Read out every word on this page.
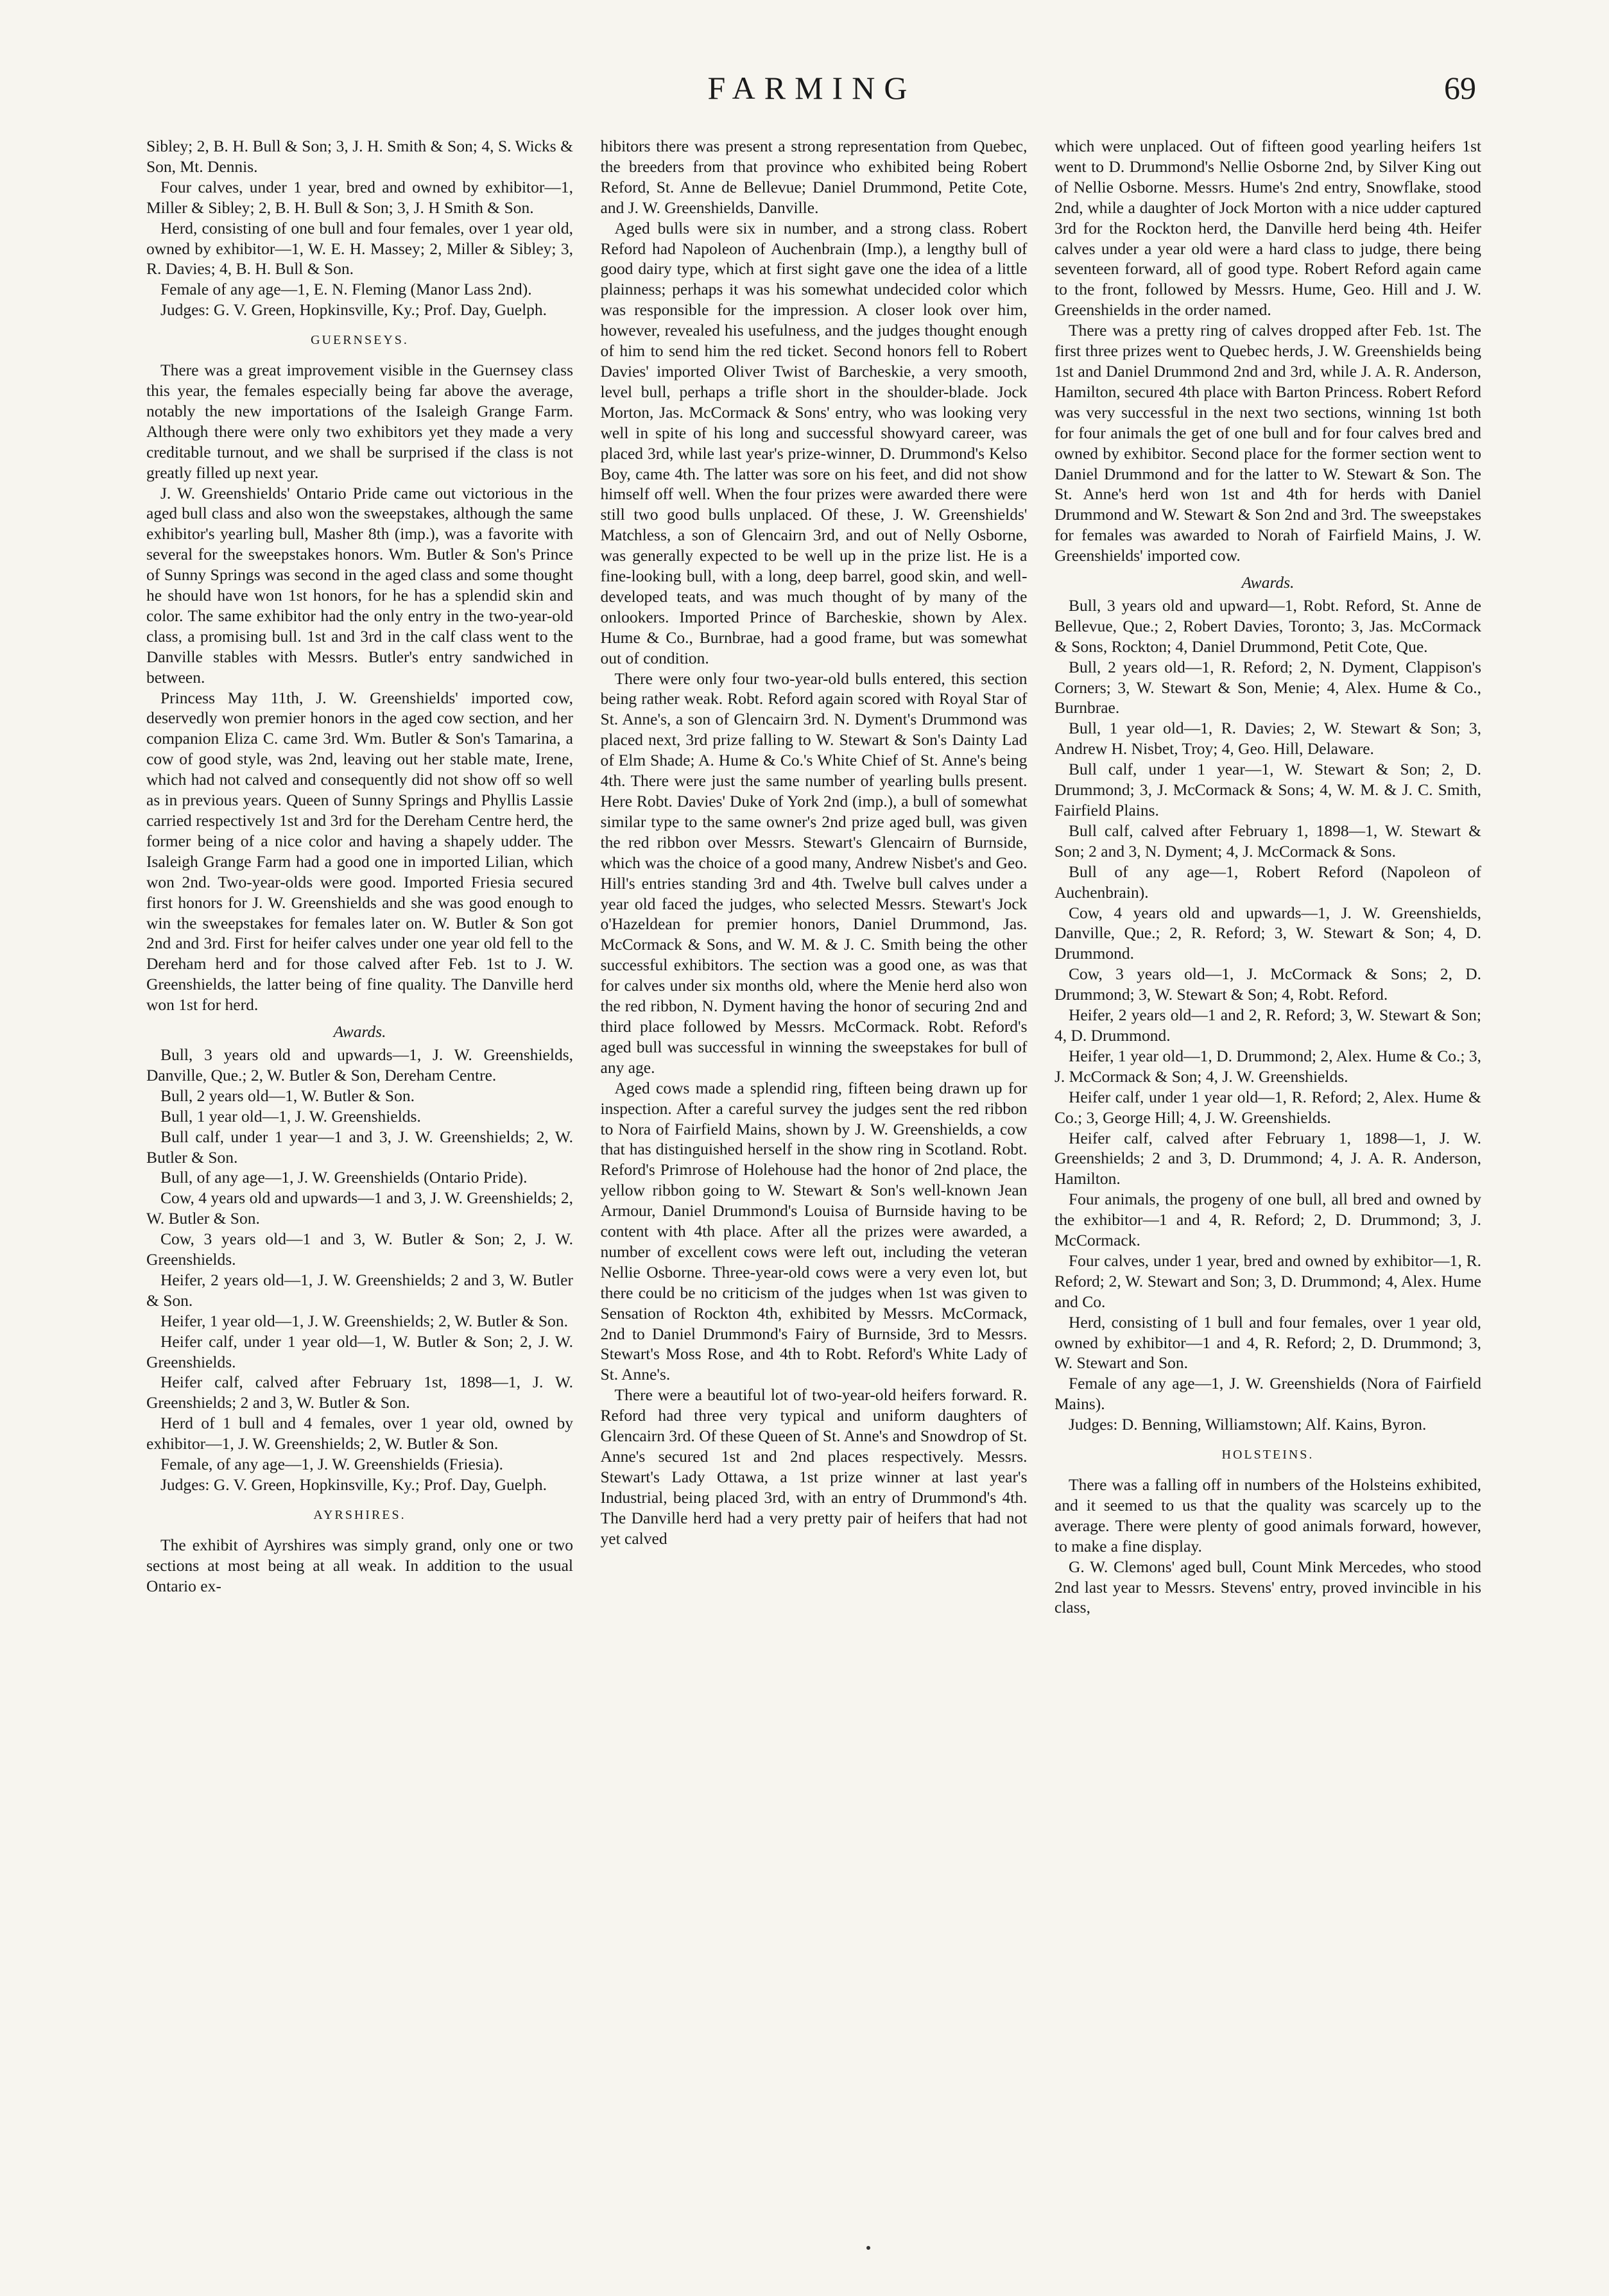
FARMING	69

Sibley; 2, B. H. Bull & Son; 3, J. H. Smith & Son; 4, S. Wicks & Son, Mt. Dennis.

Four calves, under 1 year, bred and owned by exhibitor—1, Miller & Sibley; 2, B. H. Bull & Son; 3, J. H Smith & Son.

Herd, consisting of one bull and four females, over 1 year old, owned by exhibitor—1, W. E. H. Massey; 2, Miller & Sibley; 3, R. Davies; 4, B. H. Bull & Son.

Female of any age—1, E. N. Fleming (Manor Lass 2nd).

Judges: G. V. Green, Hopkinsville, Ky.; Prof. Day, Guelph.

GUERNSEYS.

There was a great improvement visible in the Guernsey class this year, the females especially being far above the average, notably the new importations of the Isaleigh Grange Farm. Although there were only two exhibitors yet they made a very creditable turnout, and we shall be surprised if the class is not greatly filled up next year.

J. W. Greenshields' Ontario Pride came out victorious in the aged bull class and also won the sweepstakes, although the same exhibitor's yearling bull, Masher 8th (imp.), was a favorite with several for the sweepstakes honors. Wm. Butler & Son's Prince of Sunny Springs was second in the aged class and some thought he should have won 1st honors, for he has a splendid skin and color. The same exhibitor had the only entry in the two-year-old class, a promising bull. 1st and 3rd in the calf class went to the Danville stables with Messrs. Butler's entry sandwiched in between.

Princess May 11th, J. W. Greenshields' imported cow, deservedly won premier honors in the aged cow section, and her companion Eliza C. came 3rd. Wm. Butler & Son's Tamarina, a cow of good style, was 2nd, leaving out her stable mate, Irene, which had not calved and consequently did not show off so well as in previous years. Queen of Sunny Springs and Phyllis Lassie carried respectively 1st and 3rd for the Dereham Centre herd, the former being of a nice color and having a shapely udder. The Isaleigh Grange Farm had a good one in imported Lilian, which won 2nd. Two-year-olds were good. Imported Friesia secured first honors for J. W. Greenshields and she was good enough to win the sweepstakes for females later on. W. Butler & Son got 2nd and 3rd. First for heifer calves under one year old fell to the Dereham herd and for those calved after Feb. 1st to J. W. Greenshields, the latter being of fine quality. The Danville herd won 1st for herd.

Awards.

Bull, 3 years old and upwards—1, J. W. Greenshields, Danville, Que.; 2, W. Butler & Son, Dereham Centre.

Bull, 2 years old—1, W. Butler & Son.

Bull, 1 year old—1, J. W. Greenshields.

Bull calf, under 1 year—1 and 3, J. W. Greenshields; 2, W. Butler & Son.

Bull, of any age—1, J. W. Greenshields (Ontario Pride).

Cow, 4 years old and upwards—1 and 3, J. W. Greenshields; 2, W. Butler & Son.

Cow, 3 years old—1 and 3, W. Butler & Son; 2, J. W. Greenshields.

Heifer, 2 years old—1, J. W. Greenshields; 2 and 3, W. Butler & Son.

Heifer, 1 year old—1, J. W. Greenshields; 2, W. Butler & Son.

Heifer calf, under 1 year old—1, W. Butler & Son; 2, J. W. Greenshields.

Heifer calf, calved after February 1st, 1898—1, J. W. Greenshields; 2 and 3, W. Butler & Son.

Herd of 1 bull and 4 females, over 1 year old, owned by exhibitor—1, J. W. Greenshields; 2, W. Butler & Son.

Female, of any age—1, J. W. Greenshields (Friesia).

Judges: G. V. Green, Hopkinsville, Ky.; Prof. Day, Guelph.

AYRSHIRES.

The exhibit of Ayrshires was simply grand, only one or two sections at most being at all weak. In addition to the usual Ontario ex-

hibitors there was present a strong representation from Quebec, the breeders from that province who exhibited being Robert Reford, St. Anne de Bellevue; Daniel Drummond, Petite Cote, and J. W. Greenshields, Danville.

Aged bulls were six in number, and a strong class. Robert Reford had Napoleon of Auchenbrain (Imp.), a lengthy bull of good dairy type, which at first sight gave one the idea of a little plainness; perhaps it was his somewhat undecided color which was responsible for the impression. A closer look over him, however, revealed his usefulness, and the judges thought enough of him to send him the red ticket. Second honors fell to Robert Davies' imported Oliver Twist of Barcheskie, a very smooth, level bull, perhaps a trifle short in the shoulder-blade. Jock Morton, Jas. McCormack & Sons' entry, who was looking very well in spite of his long and successful showyard career, was placed 3rd, while last year's prize-winner, D. Drummond's Kelso Boy, came 4th. The latter was sore on his feet, and did not show himself off well. When the four prizes were awarded there were still two good bulls unplaced. Of these, J. W. Greenshields' Matchless, a son of Glencairn 3rd, and out of Nelly Osborne, was generally expected to be well up in the prize list. He is a fine-looking bull, with a long, deep barrel, good skin, and well-developed teats, and was much thought of by many of the onlookers. Imported Prince of Barcheskie, shown by Alex. Hume & Co., Burnbrae, had a good frame, but was somewhat out of condition.

There were only four two-year-old bulls entered, this section being rather weak. Robt. Reford again scored with Royal Star of St. Anne's, a son of Glencairn 3rd. N. Dyment's Drummond was placed next, 3rd prize falling to W. Stewart & Son's Dainty Lad of Elm Shade; A. Hume & Co.'s White Chief of St. Anne's being 4th. There were just the same number of yearling bulls present. Here Robt. Davies' Duke of York 2nd (imp.), a bull of somewhat similar type to the same owner's 2nd prize aged bull, was given the red ribbon over Messrs. Stewart's Glencairn of Burnside, which was the choice of a good many, Andrew Nisbet's and Geo. Hill's entries standing 3rd and 4th. Twelve bull calves under a year old faced the judges, who selected Messrs. Stewart's Jock o'Hazeldean for premier honors, Daniel Drummond, Jas. McCormack & Sons, and W. M. & J. C. Smith being the other successful exhibitors. The section was a good one, as was that for calves under six months old, where the Menie herd also won the red ribbon, N. Dyment having the honor of securing 2nd and third place followed by Messrs. McCormack. Robt. Reford's aged bull was successful in winning the sweepstakes for bull of any age.

Aged cows made a splendid ring, fifteen being drawn up for inspection. After a careful survey the judges sent the red ribbon to Nora of Fairfield Mains, shown by J. W. Greenshields, a cow that has distinguished herself in the show ring in Scotland. Robt. Reford's Primrose of Holehouse had the honor of 2nd place, the yellow ribbon going to W. Stewart & Son's well-known Jean Armour, Daniel Drummond's Louisa of Burnside having to be content with 4th place. After all the prizes were awarded, a number of excellent cows were left out, including the veteran Nellie Osborne. Three-year-old cows were a very even lot, but there could be no criticism of the judges when 1st was given to Sensation of Rockton 4th, exhibited by Messrs. McCormack, 2nd to Daniel Drummond's Fairy of Burnside, 3rd to Messrs. Stewart's Moss Rose, and 4th to Robt. Reford's White Lady of St. Anne's.

There were a beautiful lot of two-year-old heifers forward. R. Reford had three very typical and uniform daughters of Glencairn 3rd. Of these Queen of St. Anne's and Snowdrop of St. Anne's secured 1st and 2nd places respectively. Messrs. Stewart's Lady Ottawa, a 1st prize winner at last year's Industrial, being placed 3rd, with an entry of Drummond's 4th. The Danville herd had a very pretty pair of heifers that had not yet calved

which were unplaced. Out of fifteen good yearling heifers 1st went to D. Drummond's Nellie Osborne 2nd, by Silver King out of Nellie Osborne. Messrs. Hume's 2nd entry, Snowflake, stood 2nd, while a daughter of Jock Morton with a nice udder captured 3rd for the Rockton herd, the Danville herd being 4th. Heifer calves under a year old were a hard class to judge, there being seventeen forward, all of good type. Robert Reford again came to the front, followed by Messrs. Hume, Geo. Hill and J. W. Greenshields in the order named.

There was a pretty ring of calves dropped after Feb. 1st. The first three prizes went to Quebec herds, J. W. Greenshields being 1st and Daniel Drummond 2nd and 3rd, while J. A. R. Anderson, Hamilton, secured 4th place with Barton Princess. Robert Reford was very successful in the next two sections, winning 1st both for four animals the get of one bull and for four calves bred and owned by exhibitor. Second place for the former section went to Daniel Drummond and for the latter to W. Stewart & Son. The St. Anne's herd won 1st and 4th for herds with Daniel Drummond and W. Stewart & Son 2nd and 3rd. The sweepstakes for females was awarded to Norah of Fairfield Mains, J. W. Greenshields' imported cow.

Awards.

Bull, 3 years old and upward—1, Robt. Reford, St. Anne de Bellevue, Que.; 2, Robert Davies, Toronto; 3, Jas. McCormack & Sons, Rockton; 4, Daniel Drummond, Petit Cote, Que.

Bull, 2 years old—1, R. Reford; 2, N. Dyment, Clappison's Corners; 3, W. Stewart & Son, Menie; 4, Alex. Hume & Co., Burnbrae.

Bull, 1 year old—1, R. Davies; 2, W. Stewart & Son; 3, Andrew H. Nisbet, Troy; 4, Geo. Hill, Delaware.

Bull calf, under 1 year—1, W. Stewart & Son; 2, D. Drummond; 3, J. McCormack & Sons; 4, W. M. & J. C. Smith, Fairfield Plains.

Bull calf, calved after February 1, 1898—1, W. Stewart & Son; 2 and 3, N. Dyment; 4, J. McCormack & Sons.

Bull of any age—1, Robert Reford (Napoleon of Auchenbrain).

Cow, 4 years old and upwards—1, J. W. Greenshields, Danville, Que.; 2, R. Reford; 3, W. Stewart & Son; 4, D. Drummond.

Cow, 3 years old—1, J. McCormack & Sons; 2, D. Drummond; 3, W. Stewart & Son; 4, Robt. Reford.

Heifer, 2 years old—1 and 2, R. Reford; 3, W. Stewart & Son; 4, D. Drummond.

Heifer, 1 year old—1, D. Drummond; 2, Alex. Hume & Co.; 3, J. McCormack & Son; 4, J. W. Greenshields.

Heifer calf, under 1 year old—1, R. Reford; 2, Alex. Hume & Co.; 3, George Hill; 4, J. W. Greenshields.

Heifer calf, calved after February 1, 1898—1, J. W. Greenshields; 2 and 3, D. Drummond; 4, J. A. R. Anderson, Hamilton.

Four animals, the progeny of one bull, all bred and owned by the exhibitor—1 and 4, R. Reford; 2, D. Drummond; 3, J. McCormack.

Four calves, under 1 year, bred and owned by exhibitor—1, R. Reford; 2, W. Stewart and Son; 3, D. Drummond; 4, Alex. Hume and Co.

Herd, consisting of 1 bull and four females, over 1 year old, owned by exhibitor—1 and 4, R. Reford; 2, D. Drummond; 3, W. Stewart and Son.

Female of any age—1, J. W. Greenshields (Nora of Fairfield Mains).

Judges: D. Benning, Williamstown; Alf. Kains, Byron.

HOLSTEINS.

There was a falling off in numbers of the Holsteins exhibited, and it seemed to us that the quality was scarcely up to the average. There were plenty of good animals forward, however, to make a fine display.

G. W. Clemons' aged bull, Count Mink Mercedes, who stood 2nd last year to Messrs. Stevens' entry, proved invincible in his class,
